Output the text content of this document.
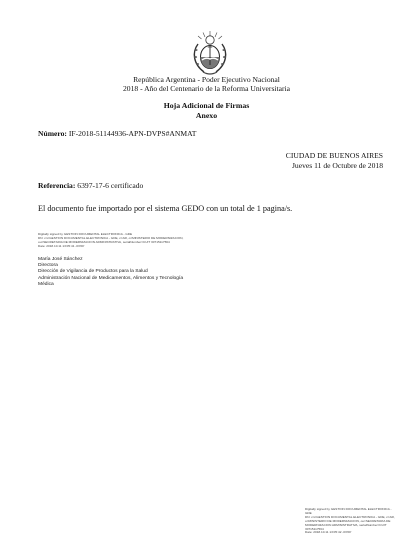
República Argentina - Poder Ejecutivo Nacional
2018 - Año del Centenario de la Reforma Universitaria
Hoja Adicional de Firmas
Anexo
Número: IF-2018-51144936-APN-DVPS#ANMAT
CIUDAD DE BUENOS AIRES
Jueves 11 de Octubre de 2018
Referencia: 6397-17-6 certificado
El documento fue importado por el sistema GEDO con un total de 1 pagina/s.
Digitally signed by GESTION DOCUMENTAL ELECTRONICA - GDE
DN: cn=GESTION DOCUMENTAL ELECTRONICA - GDE, c=AR, o=MINISTERIO DE MODERNIZACION,
ou=SECRETARIA DE MODERNIZACION ADMINISTRATIVA, serialNumber=CUIT 30715117564
Date: 2018.10.11 13:05:41 -03'00'
María José Sánchez
Directora
Dirección de Vigilancia de Productos para la Salud
Administración Nacional de Medicamentos, Alimentos y Tecnología
Médica
Digitally signed by GESTION DOCUMENTAL ELECTRONICA -
GDE
DN: cn=GESTION DOCUMENTAL ELECTRONICA - GDE, c=AR,
o=MINISTERIO DE MODERNIZACION, ou=SECRETARIA DE
MODERNIZACION ADMINISTRATIVA, serialNumber=CUIT
30715117564
Date: 2018.10.11 13:05:42 -03'00'
